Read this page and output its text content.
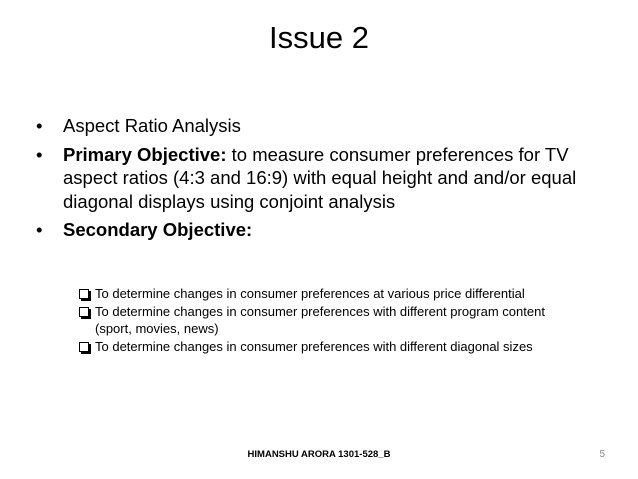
Issue 2
•	Aspect Ratio Analysis
•	Primary Objective: to measure consumer preferences for TV aspect ratios (4:3 and 16:9) with equal height and and/or equal diagonal displays using conjoint analysis
•	Secondary Objective:
To determine changes in consumer preferences at various price differential
To determine changes in consumer preferences with different program content (sport, movies, news)
To determine changes in consumer preferences with different diagonal sizes
HIMANSHU ARORA 1301-528_B	5
